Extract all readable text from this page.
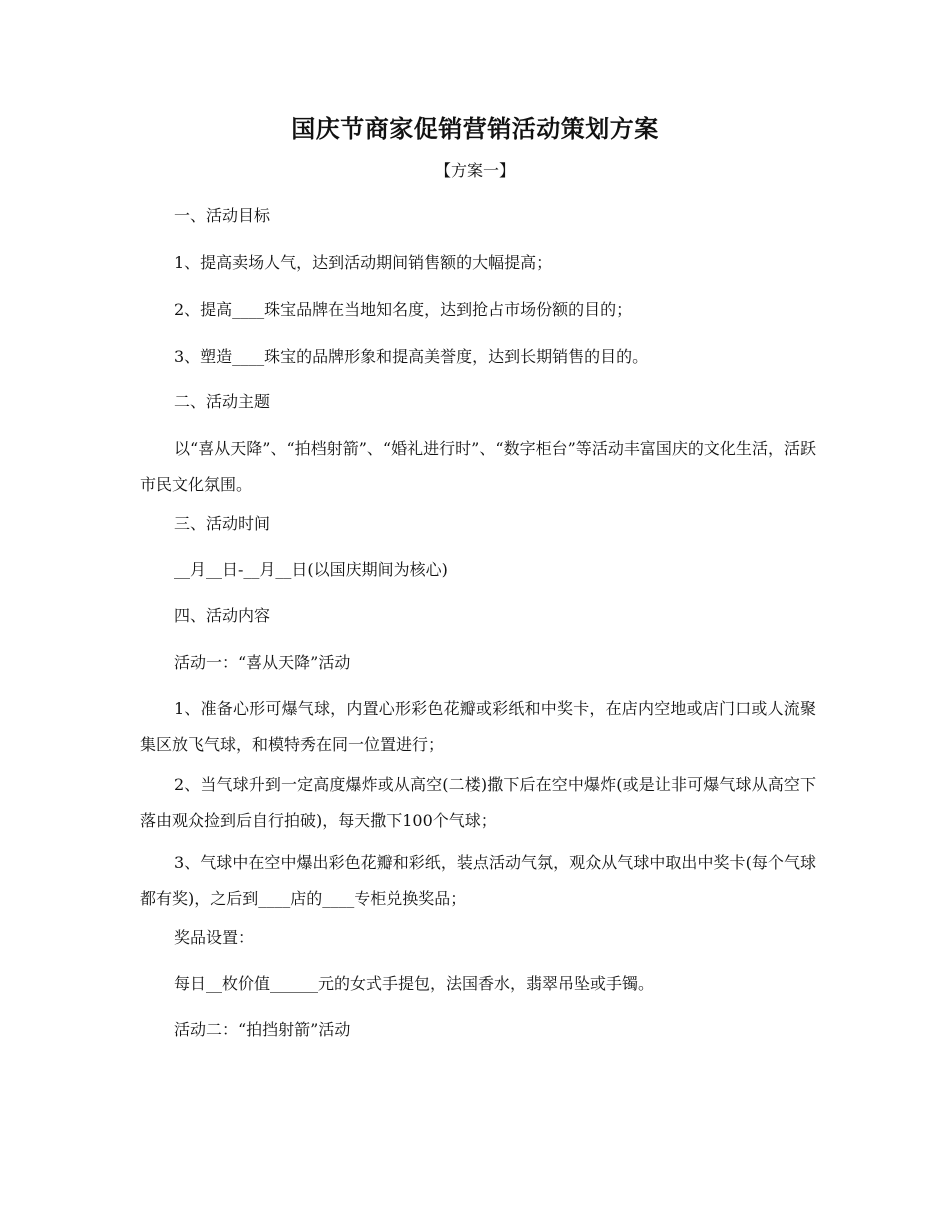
国庆节商家促销营销活动策划方案
【方案一】
一、活动目标
1、提高卖场人气，达到活动期间销售额的大幅提高；
2、提高____珠宝品牌在当地知名度，达到抢占市场份额的目的；
3、塑造____珠宝的品牌形象和提高美誉度，达到长期销售的目的。
二、活动主题
以“喜从天降”、“拍档射箭”、“婚礼进行时”、“数字柜台”等活动丰富国庆的文化生活，活跃市民文化氛围。
三、活动时间
__月__日-__月__日(以国庆期间为核心)
四、活动内容
活动一：“喜从天降”活动
1、准备心形可爆气球，内置心形彩色花瓣或彩纸和中奖卡，在店内空地或店门口或人流聚集区放飞气球，和模特秀在同一位置进行；
2、当气球升到一定高度爆炸或从高空(二楼)撒下后在空中爆炸(或是让非可爆气球从高空下落由观众捡到后自行拍破)，每天撒下100个气球；
3、气球中在空中爆出彩色花瓣和彩纸，装点活动气氛，观众从气球中取出中奖卡(每个气球都有奖)，之后到____店的____专柜兑换奖品；
奖品设置：
每日__枚价值______元的女式手提包，法国香水，翡翠吊坠或手镯。
活动二：“拍挡射箭”活动
